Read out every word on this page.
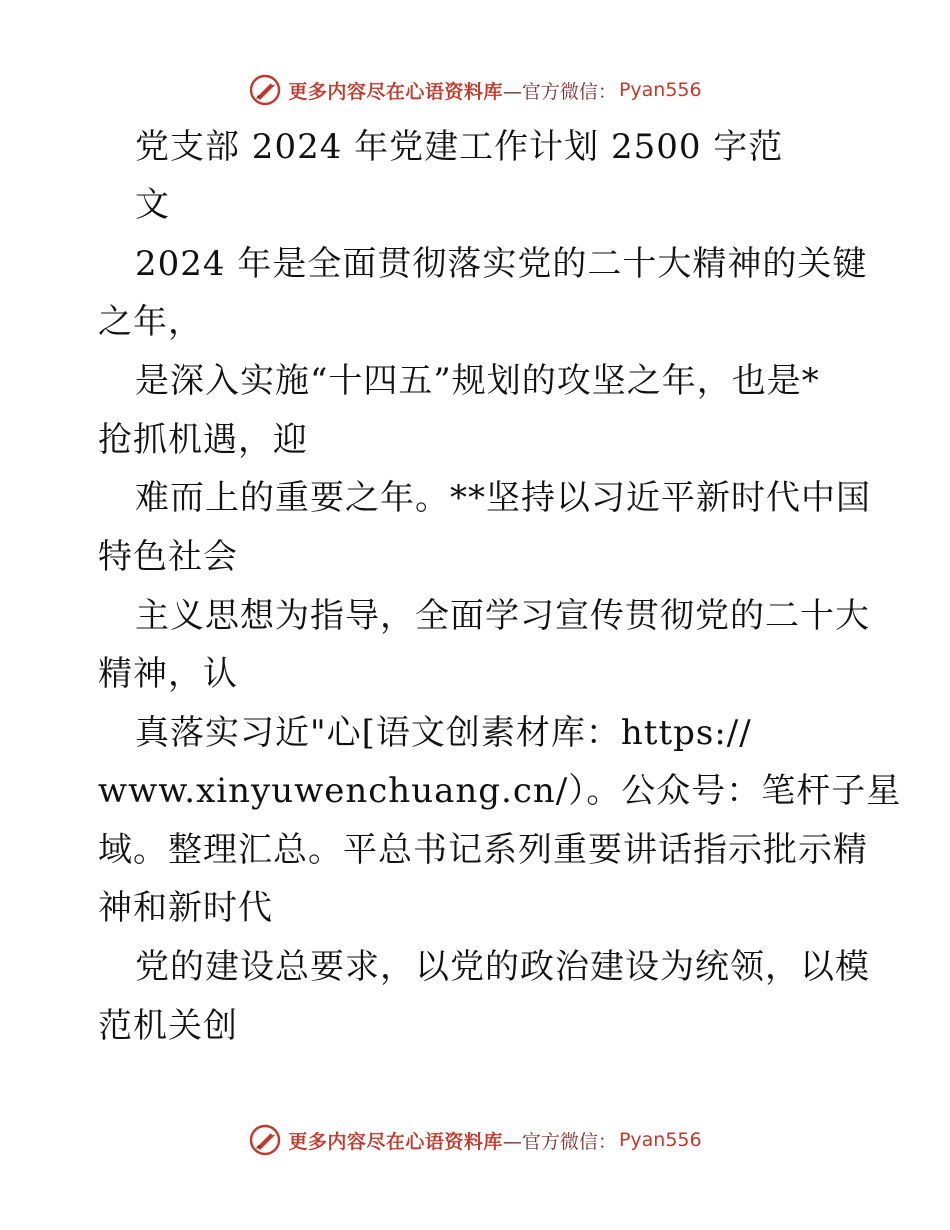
更多内容尽在心语资料库 —官方微信： Pyan556
党支部 2024 年党建工作计划 2500 字范
文
2024 年是全面贯彻落实党的二十大精神的关键
之年，
是深入实施“十四五”规划的攻坚之年，也是*
抢抓机遇，迎
难而上的重要之年。**坚持以习近平新时代中国
特色社会
主义思想为指导，全面学习宣传贯彻党的二十大
精神，认
真落实习近"心[语文创素材库：https://
www.xinyuwenchuang.cn/）。公众号：笔杆子星
域。整理汇总。平总书记系列重要讲话指示批示精
神和新时代
党的建设总要求，以党的政治建设为统领，以模
范机关创
更多内容尽在心语资料库 —官方微信： Pyan556
